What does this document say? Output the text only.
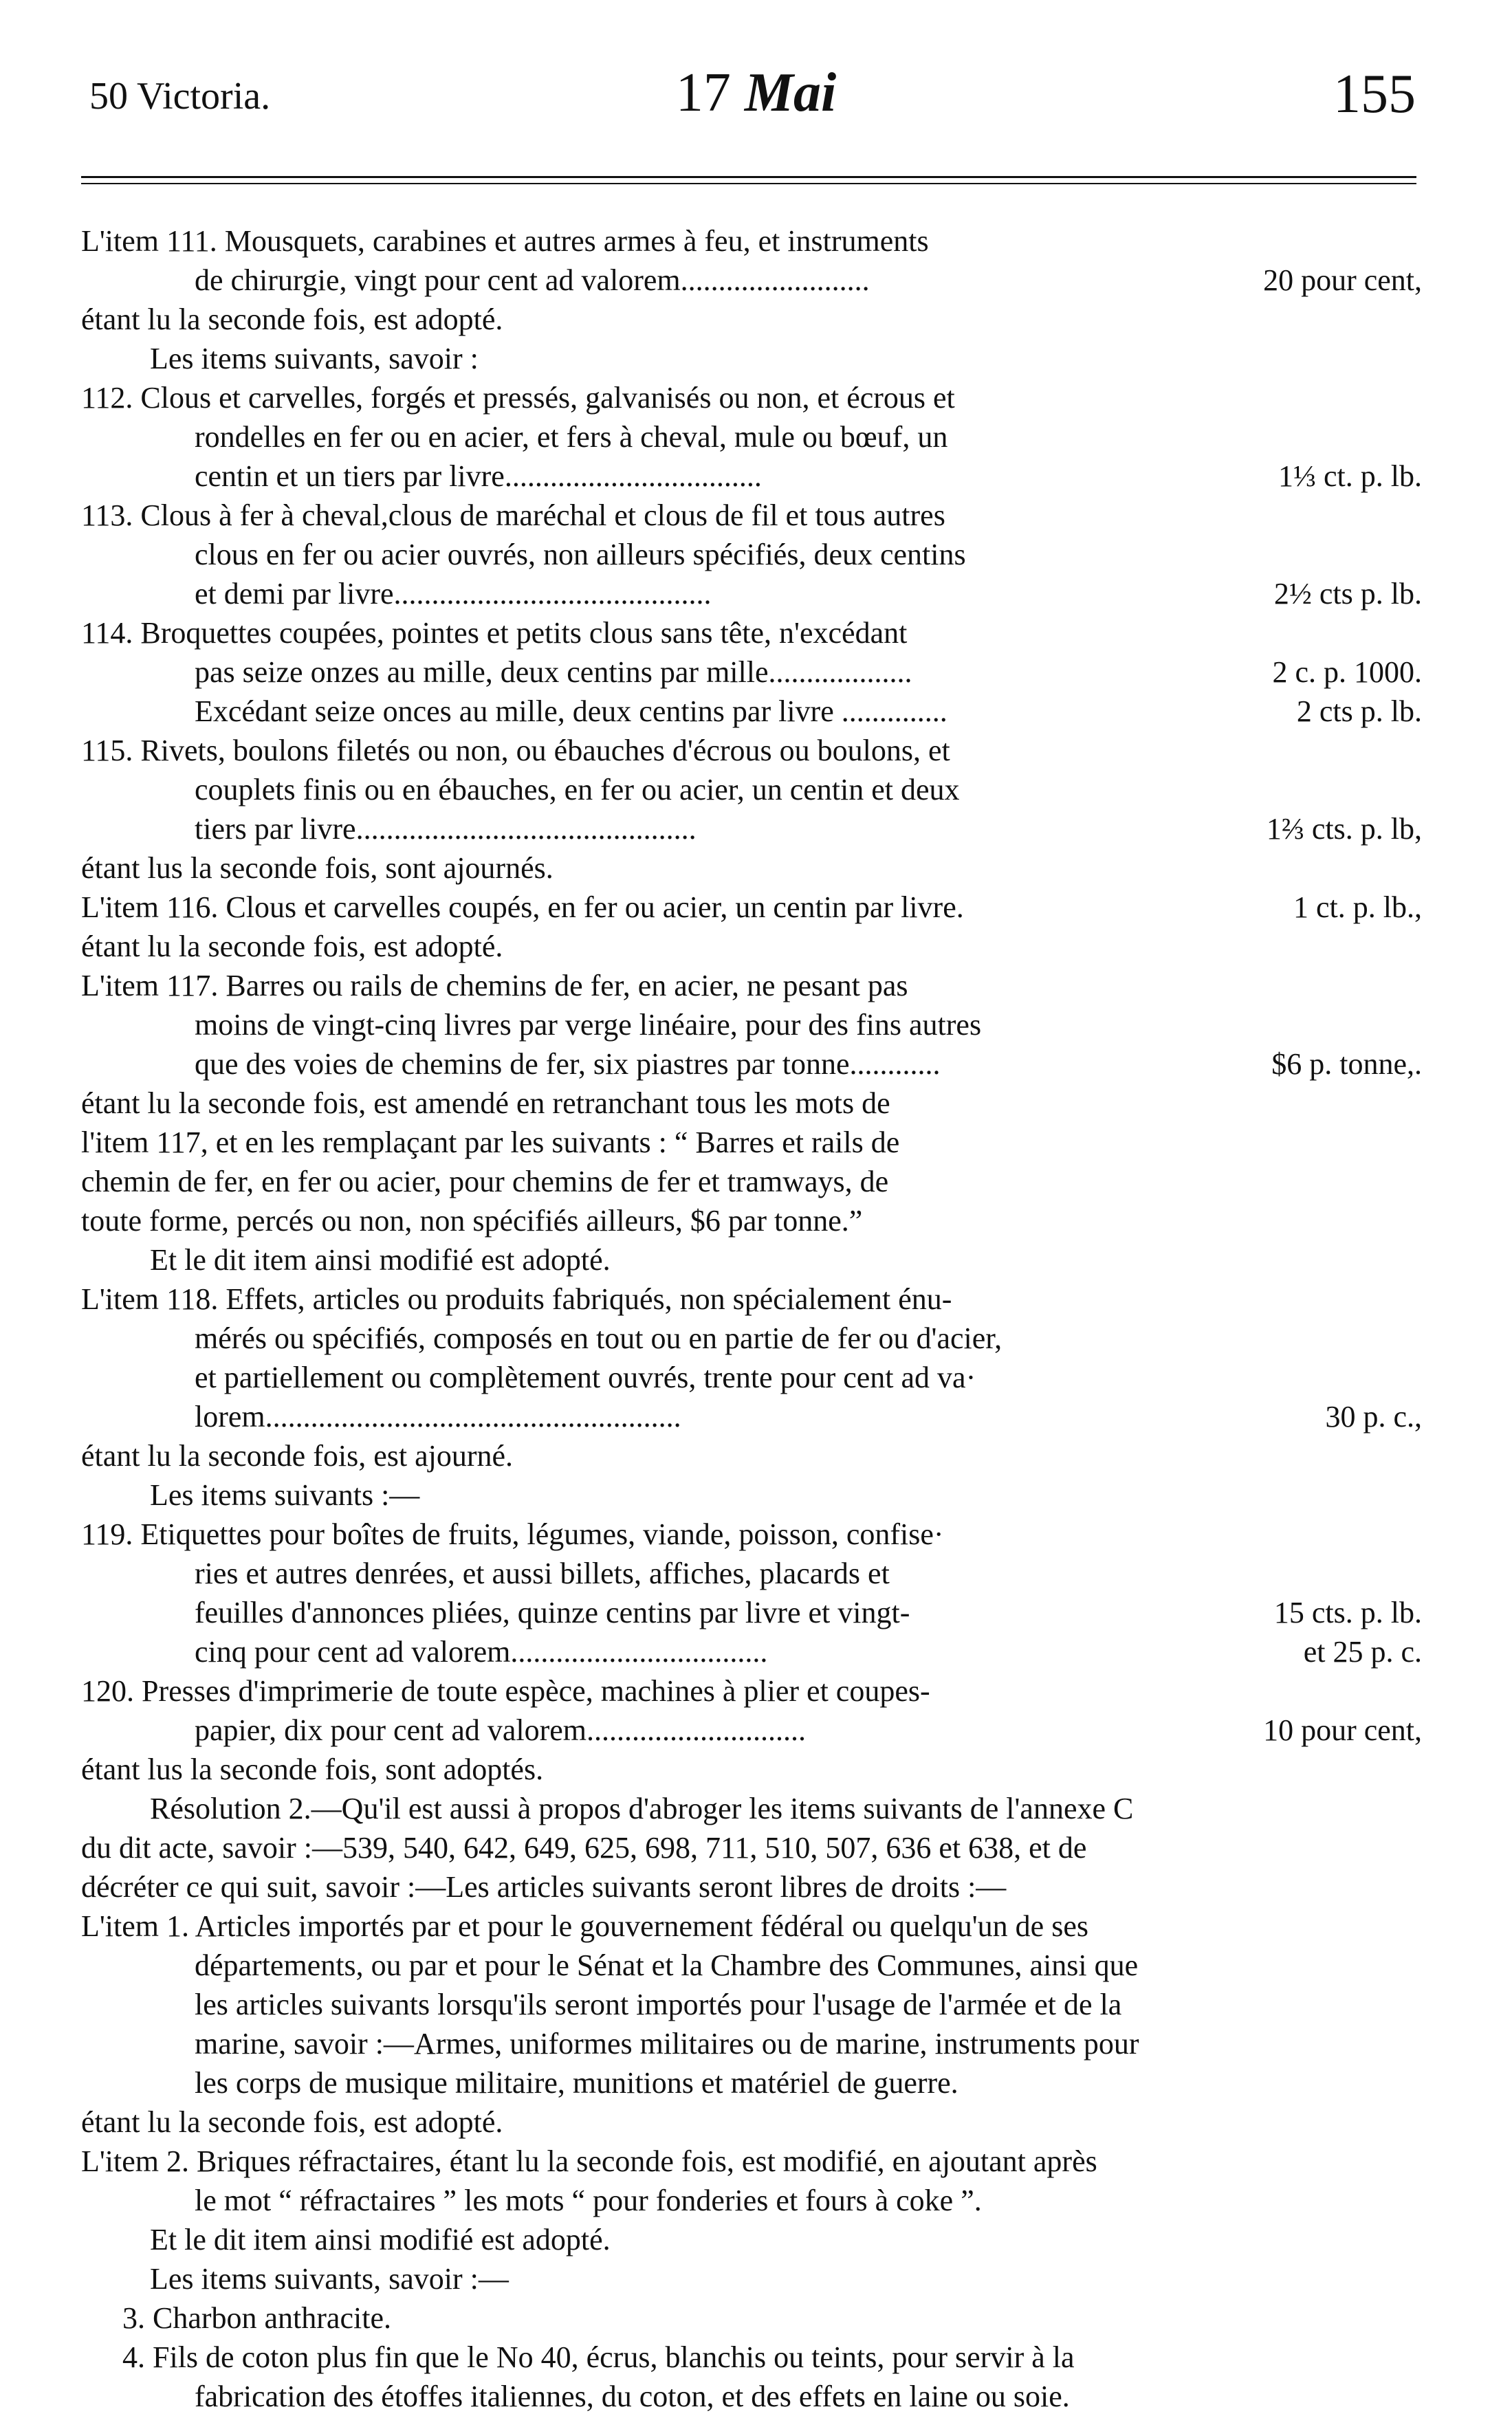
50 Victoria.	17 Mai	155
L'item 111. Mousquets, carabines et autres armes à feu, et instruments
de chirurgie, vingt pour cent ad valorem.........................	20 pour cent,
étant lu la seconde fois, est adopté.
Les items suivants, savoir :
112. Clous et carvelles, forgés et pressés, galvanisés ou non, et écrous et
rondelles en fer ou en acier, et fers à cheval, mule ou bœuf, un
centin et un tiers par livre..................................	1⅓ ct. p. lb.
113. Clous à fer à cheval,clous de maréchal et clous de fil et tous autres
clous en fer ou acier ouvrés, non ailleurs spécifiés, deux centins
et demi par livre..........................................	2½ cts p. lb.
114. Broquettes coupées, pointes et petits clous sans tête, n'excédant
pas seize onzes au mille, deux centins par mille...................	2 c. p. 1000.
Excédant seize onces au mille, deux centins par livre ..............	2 cts p. lb.
115. Rivets, boulons filetés ou non, ou ébauches d'écrous ou boulons, et
couplets finis ou en ébauches, en fer ou acier, un centin et deux
tiers par livre.............................................	1⅔ cts. p. lb,
étant lus la seconde fois, sont ajournés.
L'item 116. Clous et carvelles coupés, en fer ou acier, un centin par livre.	1 ct. p. lb.,
étant lu la seconde fois, est adopté.
L'item 117. Barres ou rails de chemins de fer, en acier, ne pesant pas
moins de vingt-cinq livres par verge linéaire, pour des fins autres
que des voies de chemins de fer, six piastres par tonne............	$6 p. tonne,.
étant lu la seconde fois, est amendé en retranchant tous les mots de
l'item 117, et en les remplaçant par les suivants : “ Barres et rails de
chemin de fer, en fer ou acier, pour chemins de fer et tramways, de
toute forme, percés ou non, non spécifiés ailleurs, $6 par tonne.”
Et le dit item ainsi modifié est adopté.
L'item 118. Effets, articles ou produits fabriqués, non spécialement énu-
mérés ou spécifiés, composés en tout ou en partie de fer ou d'acier,
et partiellement ou complètement ouvrés, trente pour cent ad va·
lorem.......................................................	30 p. c.,
étant lu la seconde fois, est ajourné.
Les items suivants :—
119. Etiquettes pour boîtes de fruits, légumes, viande, poisson, confise·
ries et autres denrées, et aussi billets, affiches, placards et
feuilles d'annonces pliées, quinze centins par livre et vingt-	15 cts. p. lb.
cinq pour cent ad valorem..................................	et 25 p. c.
120. Presses d'imprimerie de toute espèce, machines à plier et coupes-
papier, dix pour cent ad valorem.............................	10 pour cent,
étant lus la seconde fois, sont adoptés.
Résolution 2.—Qu'il est aussi à propos d'abroger les items suivants de l'annexe C
du dit acte, savoir :—539, 540, 642, 649, 625, 698, 711, 510, 507, 636 et 638, et de
décréter ce qui suit, savoir :—Les articles suivants seront libres de droits :—
L'item 1. Articles importés par et pour le gouvernement fédéral ou quelqu'un de ses
départements, ou par et pour le Sénat et la Chambre des Communes, ainsi que
les articles suivants lorsqu'ils seront importés pour l'usage de l'armée et de la
marine, savoir :—Armes, uniformes militaires ou de marine, instruments pour
les corps de musique militaire, munitions et matériel de guerre.
étant lu la seconde fois, est adopté.
L'item 2. Briques réfractaires, étant lu la seconde fois, est modifié, en ajoutant après
le mot “ réfractaires ” les mots “ pour fonderies et fours à coke ”.
Et le dit item ainsi modifié est adopté.
Les items suivants, savoir :—
3. Charbon anthracite.
4. Fils de coton plus fin que le No 40, écrus, blanchis ou teints, pour servir à la
fabrication des étoffes italiennes, du coton, et des effets en laine ou soie.
